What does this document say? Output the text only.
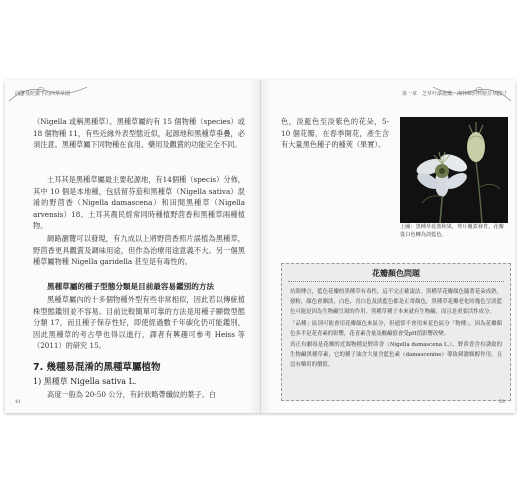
向著曼陀羅下的西華草園	第一章．芝草叶瀑施藥，湘林鄉照料植芳草四寸

（Nigella 或稱黑種草）。黑種草屬約有 15 個物種（species）或 18 個物種 11，有些近緣外表型態近似，起源地和黑種草垂疊，必須注意。黑種草屬下同物種在食用、藥用及觀賞的功能完全不同。

土耳其是黑種草屬最主要起源地，有14個種（specis）分佈，其中 10 個是本地種，包括留芬茄和黑種草（Nigella sativa）混淆的野茴香（Nigella damascena）和田間黑種草（Nigella arvensis）18。土耳其農民經常同時種植野茴香和黑種草兩種植物。

網路瀏覽可以發現，有九成以上將野茴香照片誤植為黑種草，野茴香更具觀賞及調味用途，但作為治療用途意義不大。另一個黑種草屬物種 Nigella garidella 甚至是有毒性的。

黑種草屬的種子型態分類是目前最容易鑑別的方法

黑種草屬內的十多個物種外型有些非常相似，因此若以傳統植株型態鑑別並不容易。目前比較簡單可靠的方法是用種子顯微型態分類 17，而且種子保存性好，即使經過數千年碳化仍可能鑑別，因此黑種草的考古學也得以進行，譯者有興趣可參考 Heiss 等（2011）的研究 15。

7. 幾種易混淆的黑種草屬植物
1) 黑種草 Nigella sativa L.

高度一般為 20-50 公分，有針狀略帶纖紋的葉子。白

41

色，淡藍色至淡紫色的花朵，5-10 個花瓣，在春季開花，產生含有大量黑色種子的種莢（果實）。

上圖：黑種草花蕾和果，萼片覆蓋發育，花瓣從白色轉為淡藍色。
花瓣顏色問題

坊間傳言，藍色花瓣的黑種草有毒性，這不完正確說法。黑種草花瓣顏色隨著花朵成熟，發粉，顏色會漸淡，白色、青白色及淡藍色都是正常顏色，黑種草花瓣老化時幾色呈淡藍色可能是因為生物鹼呈現的作用，黑種草種子本來就有生物鹼，而且是重要活性成分。

「品種」區別可能會用花瓣顏色來區分，但通常不會用來花色區分「物種」，因為花瓣顏色多半是花青素的影響，花青素含量及酸鹼值會受pH值影響改變。

真正有劇毒是花瓣的近源物種是野茴香（Nigella damascena L.），野茴香含有誘致的生物鹼黑種草素，它的種子油含大量含藍色素（damascenine）導致刺激顆醇作用，且沒有藥用的價值。

38
